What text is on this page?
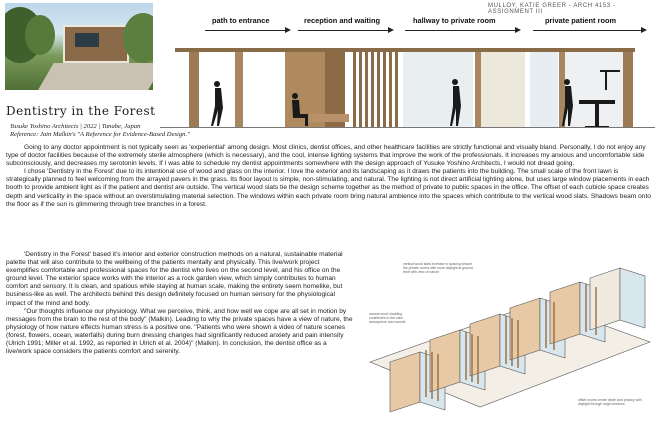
MULLOY, KATIE GREER - ARCH 4153 - ASSIGNMENT III
Dentistry in the Forest
Yusuke Yoshino Architects | 2022 | Tanabe, Japan
Reference: Jain Malkin's "A Reference for Evidence-Based Design."
path to entrance	reception and waiting	hallway to private room	private patient room

Going to any doctor appointment is not typically seen as 'experiential' among design. Most clinics, dentist offices, and other healthcare facilities are strictly functional and visually bland. Personally, I do not enjoy any type of doctor facilities because of the extremely sterile atmosphere (which is necessary), and the cool, intense lighting systems that improve the work of the professionals. It increases my anxious and uncomfortable side subconsciously, and decreases my serotonin levels. If I was able to schedule my dentist appointments somewhere with the design approach of Yusuke Yoshino Architects, I would not dread going.

I chose 'Dentistry in the Forest' due to its intentional use of wood and glass on the interior. I love the exterior and its landscaping as it draws the patients into the building. The small scale of the front lawn is strategically planned to feel welcoming from the arrayed pavers in the grass. Its floor layout is simple, non-stimulating, and natural. The lighting is not direct artificial lighting alone, but uses large window placements in each booth to provide ambient light as if the patient and dentist are outside. The vertical wood slats tie the design scheme together as the method of private to public spaces in the office. The offset of each cubicle space creates depth and verticality in the space without an overstimulating material selection. The windows within each private room bring natural ambience into the spaces which contribute to the vertical wood slats. Shadows beam onto the floor as if the sun is glimmering through tree branches in a forest.

'Dentistry in the Forest' based it's interior and exterior construction methods on a natural, sustainable material palette that will also contribute to the wellbeing of the patients mentally and physically. This live/work project exemplifies comfortable and professional spaces for the dentist who lives on the second level, and his office on the ground level. The exterior space works with the interior as a rock garden view, which simply contributes to human comfort and sensory. It is clean, and spatious while staying at human scale, making the entirety seem homelike, but business-like as well. The architects behind this design definitely focused on human sensory for the physiological impact of the mind and body.

"Our thoughts influence our physiology. What we perceive, think, and how well we cope are all set in motion by messages from the brain to the rest of the body" (Malkin). Leading to why the private spaces have a view of nature, the physiology of how nature effects human stress is a positive one. "Patients who were shown a video of nature scenes (forest, flowers, ocean, waterfalls) during burn dressing changes had significantly reduced anxiety and pain intensity (Ulrich 1991; Miller et al. 1992, as reported in Ulrich et al. 2004)" (Malkin). In conclusion, the dentist office as a live/work space considers the patients comfort and serenity.

vertical wood slats increase in spacing toward the private rooms with more daylight at ground level with view of nature
natural wood cladding contributes to the calm atmosphere and warmth
offset rooms create depth and privacy with daylight through large windows
